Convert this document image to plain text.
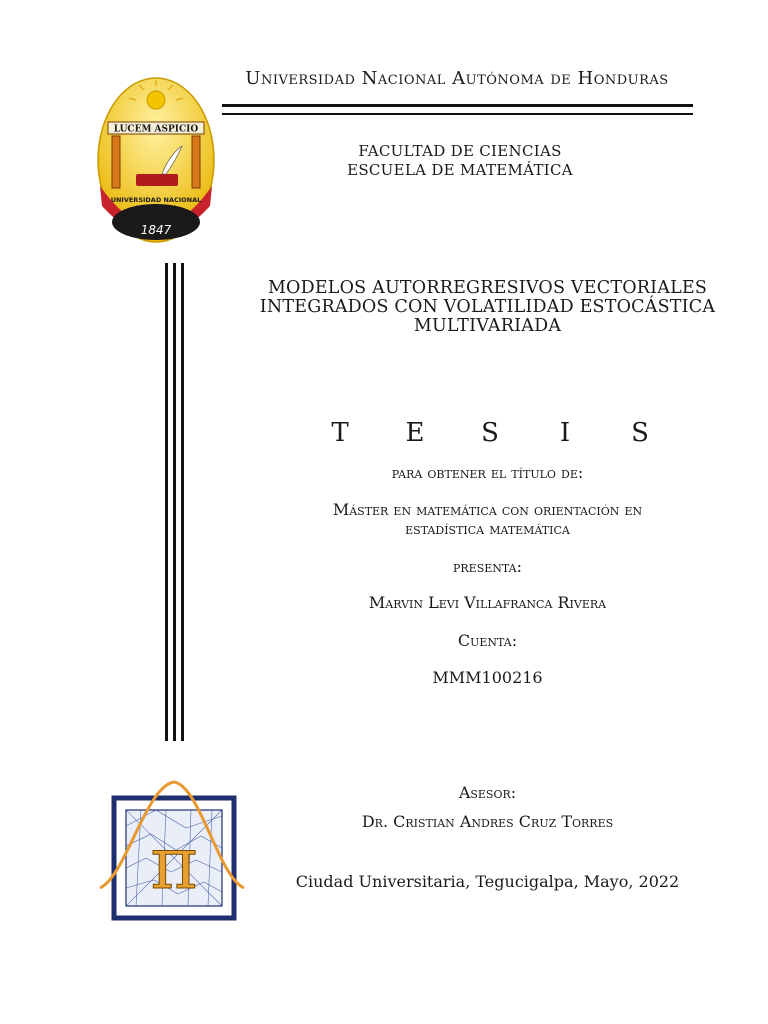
LUCEM ASPICIO
UNIVERSIDAD NACIONAL
AUTONOMA
DE HONDURAS
1847
Universidad Nacional Autónoma de Honduras
FACULTAD DE CIENCIAS
ESCUELA DE MATEMÁTICA
MODELOS AUTORREGRESIVOS VECTORIALES
INTEGRADOS CON VOLATILIDAD ESTOCÁSTICA
MULTIVARIADA
T E S I S
para obtener el título de:
Máster en matemática con orientación en
estadística matemática
presenta:
Marvin Levi Villafranca Rivera
Cuenta:
MMM100216
Asesor:
Dr. Cristian Andres Cruz Torres
Ciudad Universitaria, Tegucigalpa, Mayo, 2022
π
